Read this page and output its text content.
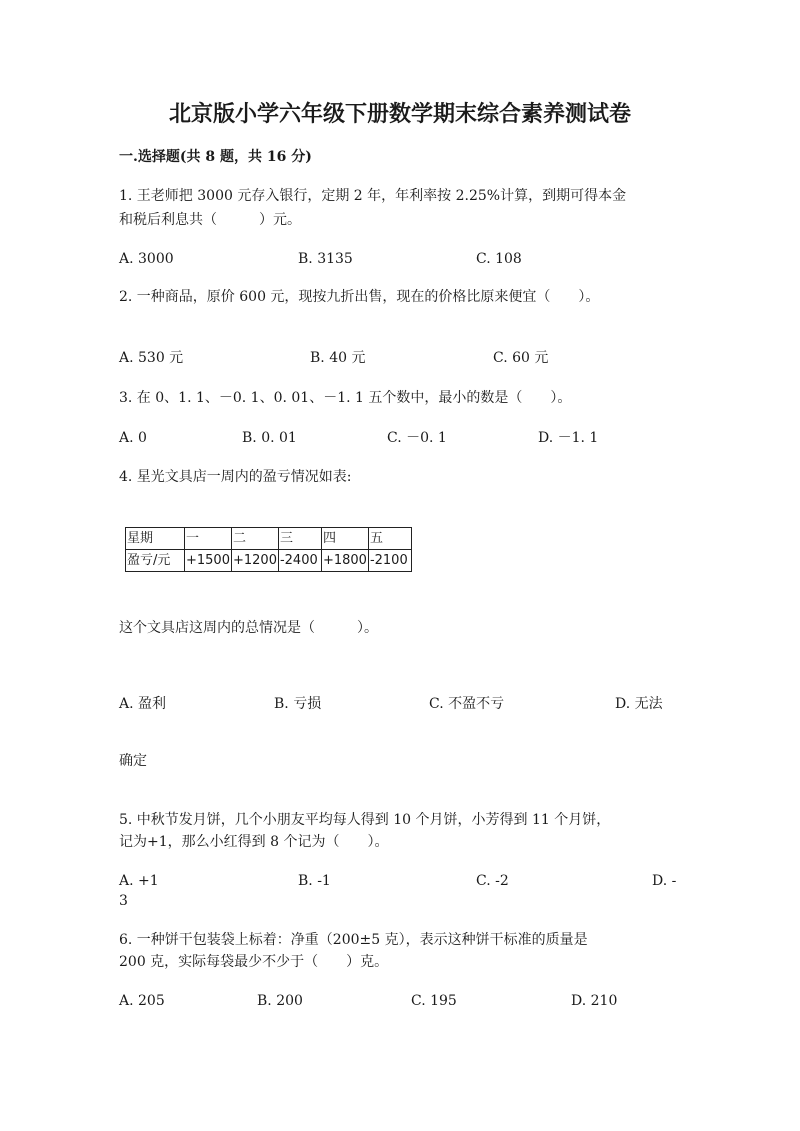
北京版小学六年级下册数学期末综合素养测试卷
一.选择题(共 8 题，共 16 分)
1. 王老师把 3000 元存入银行，定期 2 年，年利率按 2.25%计算，到期可得本金
和税后利息共（　　　）元。
A. 3000	B. 3135	C. 108
2. 一种商品，原价 600 元，现按九折出售，现在的价格比原来便宜（　　）。
A. 530 元	B. 40 元	C. 60 元
3. 在 0、1. 1、－0. 1、0. 01、－1. 1 五个数中，最小的数是（　　）。
A. 0	B. 0. 01	C. －0. 1	D. －1. 1
4. 星光文具店一周内的盈亏情况如表:
星期	一	二	三	四	五
盈亏/元	+1500	+1200	-2400	+1800	-2100
这个文具店这周内的总情况是（　　　）。
A. 盈利	B. 亏损	C. 不盈不亏	D. 无法
确定
5. 中秋节发月饼，几个小朋友平均每人得到 10 个月饼，小芳得到 11 个月饼，
记为+1，那么小红得到 8 个记为（　　）。
A. +1	B. -1	C. -2	D. -
3
6. 一种饼干包装袋上标着：净重（200±5 克），表示这种饼干标准的质量是
200 克，实际每袋最少不少于（　　）克。
A. 205	B. 200	C. 195	D. 210
